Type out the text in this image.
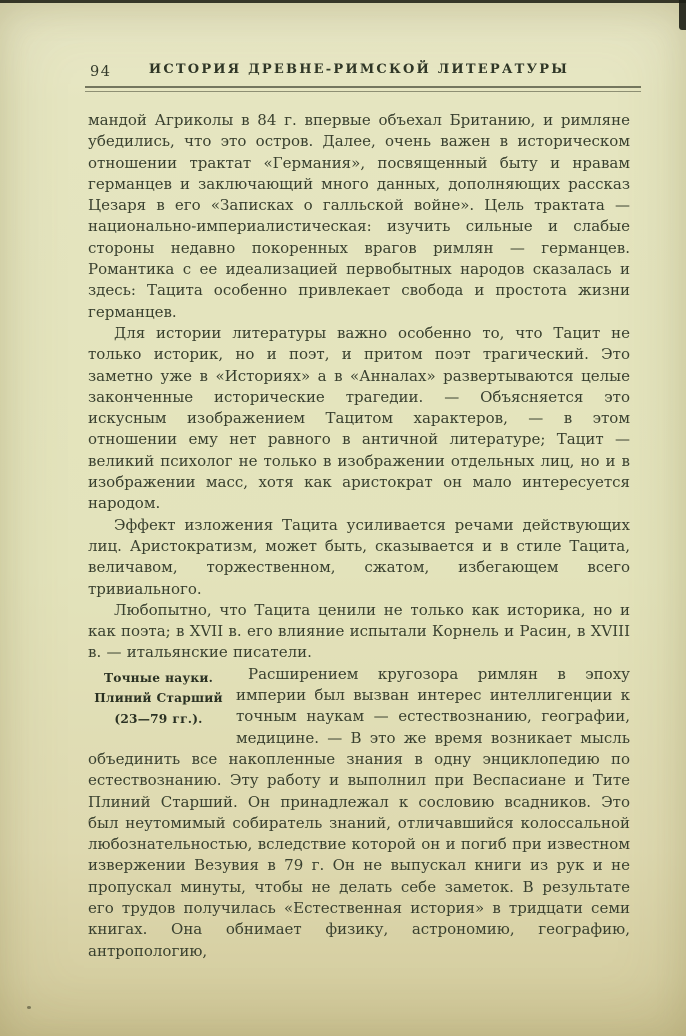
94	ИСТОРИЯ ДРЕВНЕ-РИМСКОЙ ЛИТЕРАТУРЫ

мандой Агриколы в 84 г. впервые объехал Британию, и римляне убедились, что это остров. Далее, очень важен в историческом отношении трактат «Германия», посвященный быту и нравам германцев и заключающий много данных, дополняющих рассказ Цезаря в его «Записках о галльской войне». Цель трактата — национально-империалистическая: изучить сильные и слабые стороны недавно покоренных врагов римлян — германцев. Романтика с ее идеализацией первобытных народов сказалась и здесь: Тацита особенно привлекает свобода и простота жизни германцев.

Для истории литературы важно особенно то, что Тацит не только историк, но и поэт, и притом поэт трагический. Это заметно уже в «Историях» а в «Анналах» развертываются целые законченные исторические трагедии. — Объясняется это искусным изображением Тацитом характеров, — в этом отношении ему нет равного в античной литературе; Тацит — великий психолог не только в изображении отдельных лиц, но и в изображении масс, хотя как аристократ он мало интересуется народом.

Эффект изложения Тацита усиливается речами действующих лиц. Аристократизм, может быть, сказывается и в стиле Тацита, величавом, торжественном, сжатом, избегающем всего тривиального.

Любопытно, что Тацита ценили не только как историка, но и как поэта; в XVII в. его влияние испытали Корнель и Расин, в XVIII в. — итальянские писатели.

Точные науки.
Плиний Старший
(23—79 гг.).

Расширением кругозора римлян в эпоху империи был вызван интерес интеллигенции к точным наукам — естествознанию, географии, медицине. — В это же время возникает мысль объединить все накопленные знания в одну энциклопедию по естествознанию. Эту работу и выполнил при Веспасиане и Тите Плиний Старший. Он принадлежал к сословию всадников. Это был неутомимый собиратель знаний, отличавшийся колоссальной любознательностью, вследствие которой он и погиб при известном извержении Везувия в 79 г. Он не выпускал книги из рук и не пропускал минуты, чтобы не делать себе заметок. В результате его трудов получилась «Естественная история» в тридцати семи книгах. Она обнимает физику, астрономию, географию, антропологию,
